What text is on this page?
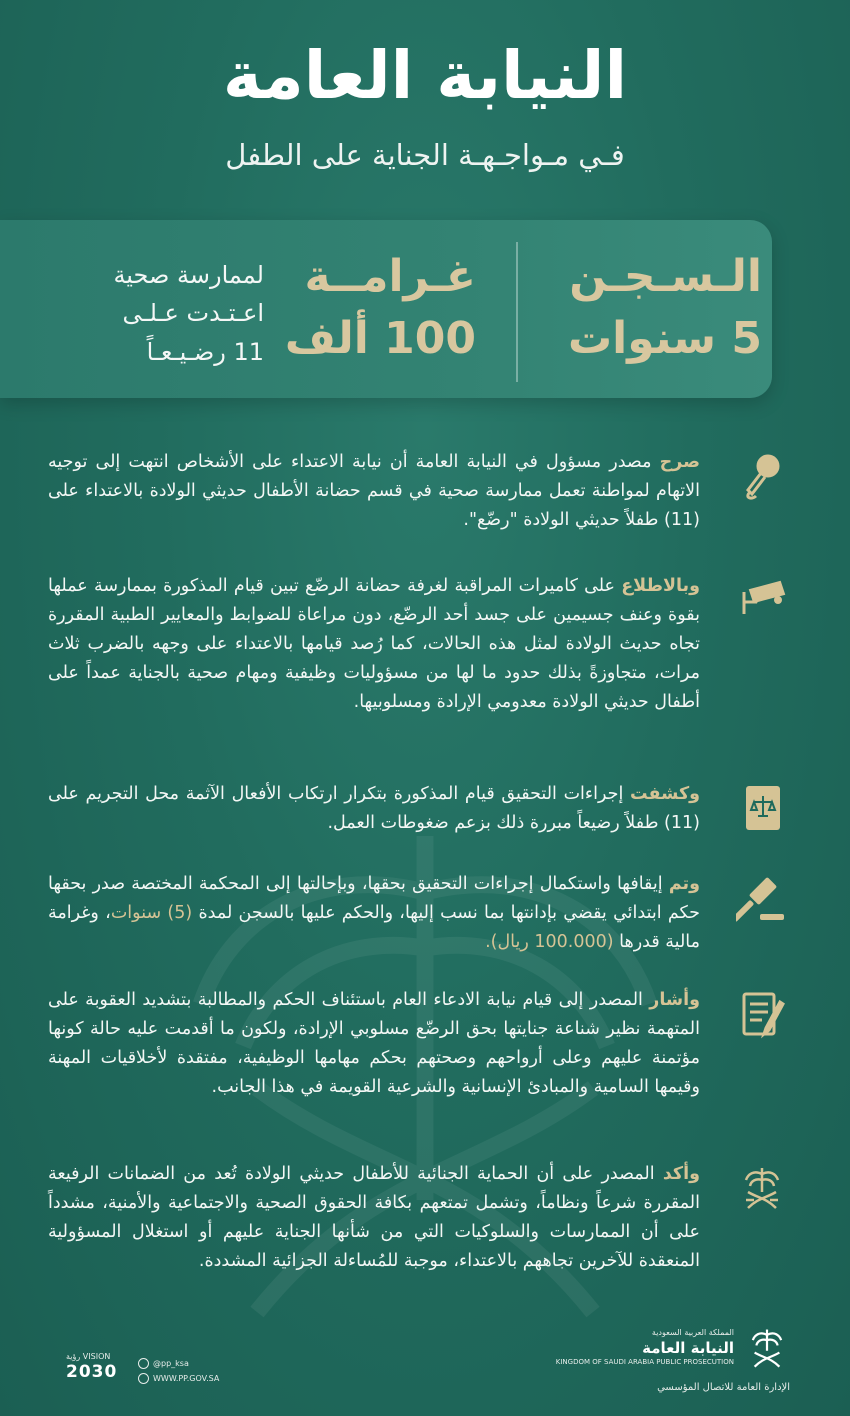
النيابة العامة

فـي مـواجـهـة الجناية على الطفل

الـسـجـن
5 سنوات
غـرامــة
100 ألف
لممارسة صحية
اعـتـدت عـلـى
11 رضـيـعـاً
صرح مصدر مسؤول في النيابة العامة أن نيابة الاعتداء على الأشخاص انتهت إلى توجيه الاتهام لمواطنة تعمل ممارسة صحية في قسم حضانة الأطفال حديثي الولادة بالاعتداء على (11) طفلاً حديثي الولادة "رضّع".
وبالاطلاع على كاميرات المراقبة لغرفة حضانة الرضّع تبين قيام المذكورة بممارسة عملها بقوة وعنف جسيمين على جسد أحد الرضّع، دون مراعاة للضوابط والمعايير الطبية المقررة تجاه حديث الولادة لمثل هذه الحالات، كما رُصد قيامها بالاعتداء على وجهه بالضرب ثلاث مرات، متجاوزةً بذلك حدود ما لها من مسؤوليات وظيفية ومهام صحية بالجناية عمداً على أطفال حديثي الولادة معدومي الإرادة ومسلوبيها.
وكشفت إجراءات التحقيق قيام المذكورة بتكرار ارتكاب الأفعال الآثمة محل التجريم على (11) طفلاً رضيعاً مبررة ذلك بزعم ضغوطات العمل.
وتم إيقافها واستكمال إجراءات التحقيق بحقها، وبإحالتها إلى المحكمة المختصة صدر بحقها حكم ابتدائي يقضي بإدانتها بما نسب إليها، والحكم عليها بالسجن لمدة (5) سنوات، وغرامة مالية قدرها (100.000 ريال).
وأشار المصدر إلى قيام نيابة الادعاء العام باستئناف الحكم والمطالبة بتشديد العقوبة على المتهمة نظير شناعة جنايتها بحق الرضّع مسلوبي الإرادة، ولكون ما أقدمت عليه حالة كونها مؤتمنة عليهم وعلى أرواحهم وصحتهم بحكم مهامها الوظيفية، مفتقدة لأخلاقيات المهنة وقيمها السامية والمبادئ الإنسانية والشرعية القويمة في هذا الجانب.
وأكد المصدر على أن الحماية الجنائية للأطفال حديثي الولادة تُعد من الضمانات الرفيعة المقررة شرعاً ونظاماً، وتشمل تمتعهم بكافة الحقوق الصحية والاجتماعية والأمنية، مشدداً على أن الممارسات والسلوكيات التي من شأنها الجناية عليهم أو استغلال المسؤولية المنعقدة للآخرين تجاههم بالاعتداء، موجبة للمُساءلة الجزائية المشددة.
VISION رؤية
2030	@pp_ksa
WWW.PP.GOV.SA
المملكة العربية السعودية
النيابة العامة
KINGDOM OF SAUDI ARABIA PUBLIC PROSECUTION
الإدارة العامة للاتصال المؤسسي
